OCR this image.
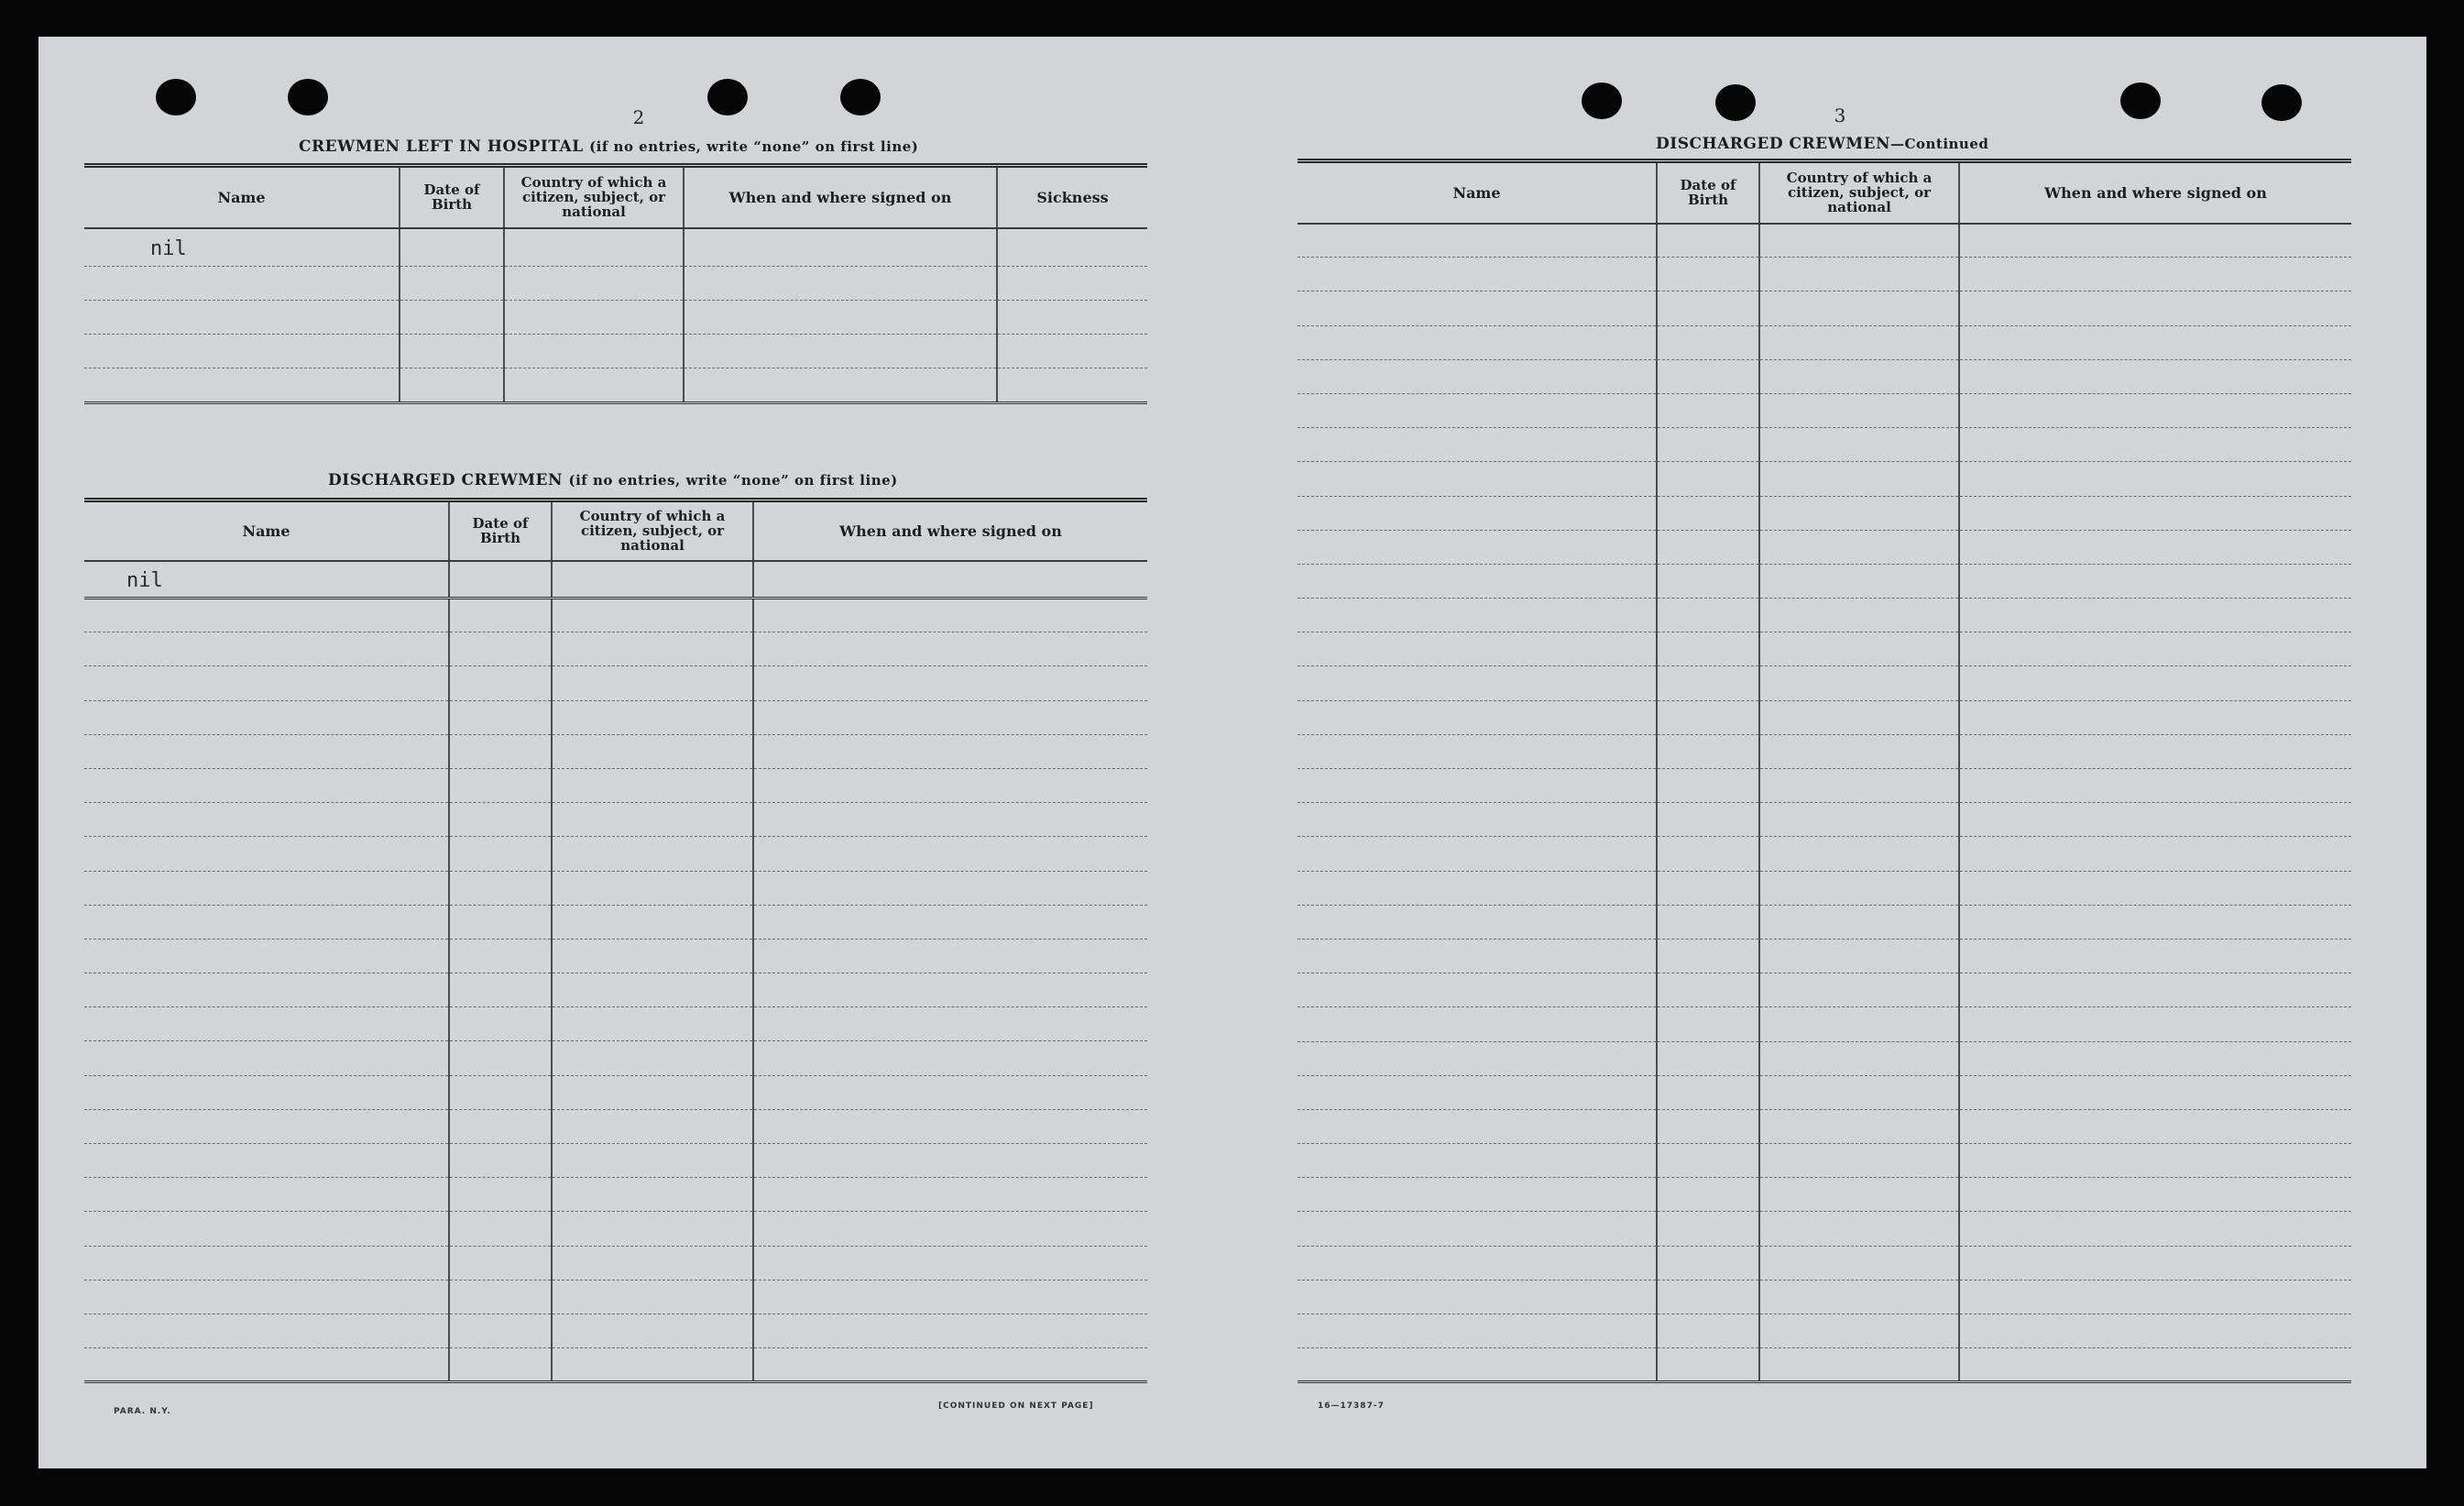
2
CREWMEN LEFT IN HOSPITAL (if no entries, write “none” on first line)
Name	Date of Birth	Country of which a citizen, subject, or national	When and where signed on	Sickness
nil				

DISCHARGED CREWMEN (if no entries, write “none” on first line)
Name	Date of Birth	Country of which a citizen, subject, or national	When and where signed on
nil			

PARA. N.Y.
[CONTINUED ON NEXT PAGE]
3
DISCHARGED CREWMEN—Continued
Name	Date of Birth	Country of which a citizen, subject, or national	When and where signed on

16—17387-7
